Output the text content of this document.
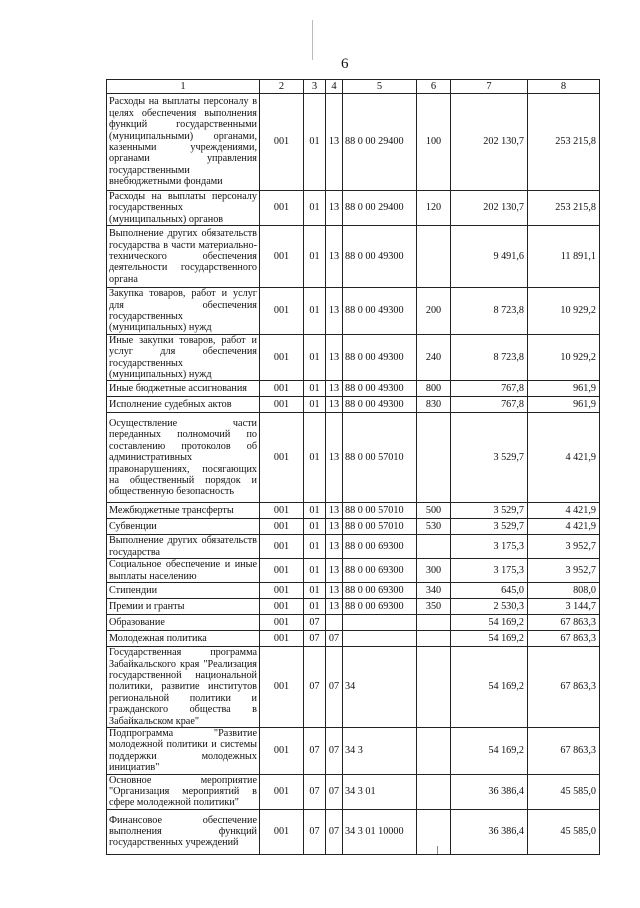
6
1	2	3	4	5	6	7	8
Расходы на выплаты персоналу в целях обеспечения выполнения функций государственными (муниципальными) органами, казенными учреждениями, органами управления государственными внебюджетными фондами	001	01	13	88 0 00 29400	100	202 130,7	253 215,8
Расходы на выплаты персоналу государственных (муниципальных) органов	001	01	13	88 0 00 29400	120	202 130,7	253 215,8
Выполнение других обязательств государства в части материально-технического обеспечения деятельности государственного органа	001	01	13	88 0 00 49300		9 491,6	11 891,1
Закупка товаров, работ и услуг для обеспечения государственных (муниципальных) нужд	001	01	13	88 0 00 49300	200	8 723,8	10 929,2
Иные закупки товаров, работ и услуг для обеспечения государственных (муниципальных) нужд	001	01	13	88 0 00 49300	240	8 723,8	10 929,2
Иные бюджетные ассигнования	001	01	13	88 0 00 49300	800	767,8	961,9
Исполнение судебных актов	001	01	13	88 0 00 49300	830	767,8	961,9
Осуществление части переданных полномочий по составлению протоколов об административных правонарушениях, посягающих на общественный порядок и общественную безопасность	001	01	13	88 0 00 57010		3 529,7	4 421,9
Межбюджетные трансферты	001	01	13	88 0 00 57010	500	3 529,7	4 421,9
Субвенции	001	01	13	88 0 00 57010	530	3 529,7	4 421,9
Выполнение других обязательств государства	001	01	13	88 0 00 69300		3 175,3	3 952,7
Социальное обеспечение и иные выплаты населению	001	01	13	88 0 00 69300	300	3 175,3	3 952,7
Стипендии	001	01	13	88 0 00 69300	340	645,0	808,0
Премии и гранты	001	01	13	88 0 00 69300	350	2 530,3	3 144,7
Образование	001	07				54 169,2	67 863,3
Молодежная политика	001	07	07			54 169,2	67 863,3
Государственная программа Забайкальского края "Реализация государственной национальной политики, развитие институтов региональной политики и гражданского общества в Забайкальском крае"	001	07	07	34		54 169,2	67 863,3
Подпрограмма "Развитие молодежной политики и системы поддержки молодежных инициатив"	001	07	07	34 3		54 169,2	67 863,3
Основное мероприятие "Организация мероприятий в сфере молодежной политики"	001	07	07	34 3 01		36 386,4	45 585,0
Финансовое обеспечение выполнения функций государственных учреждений	001	07	07	34 3 01 10000		36 386,4	45 585,0
